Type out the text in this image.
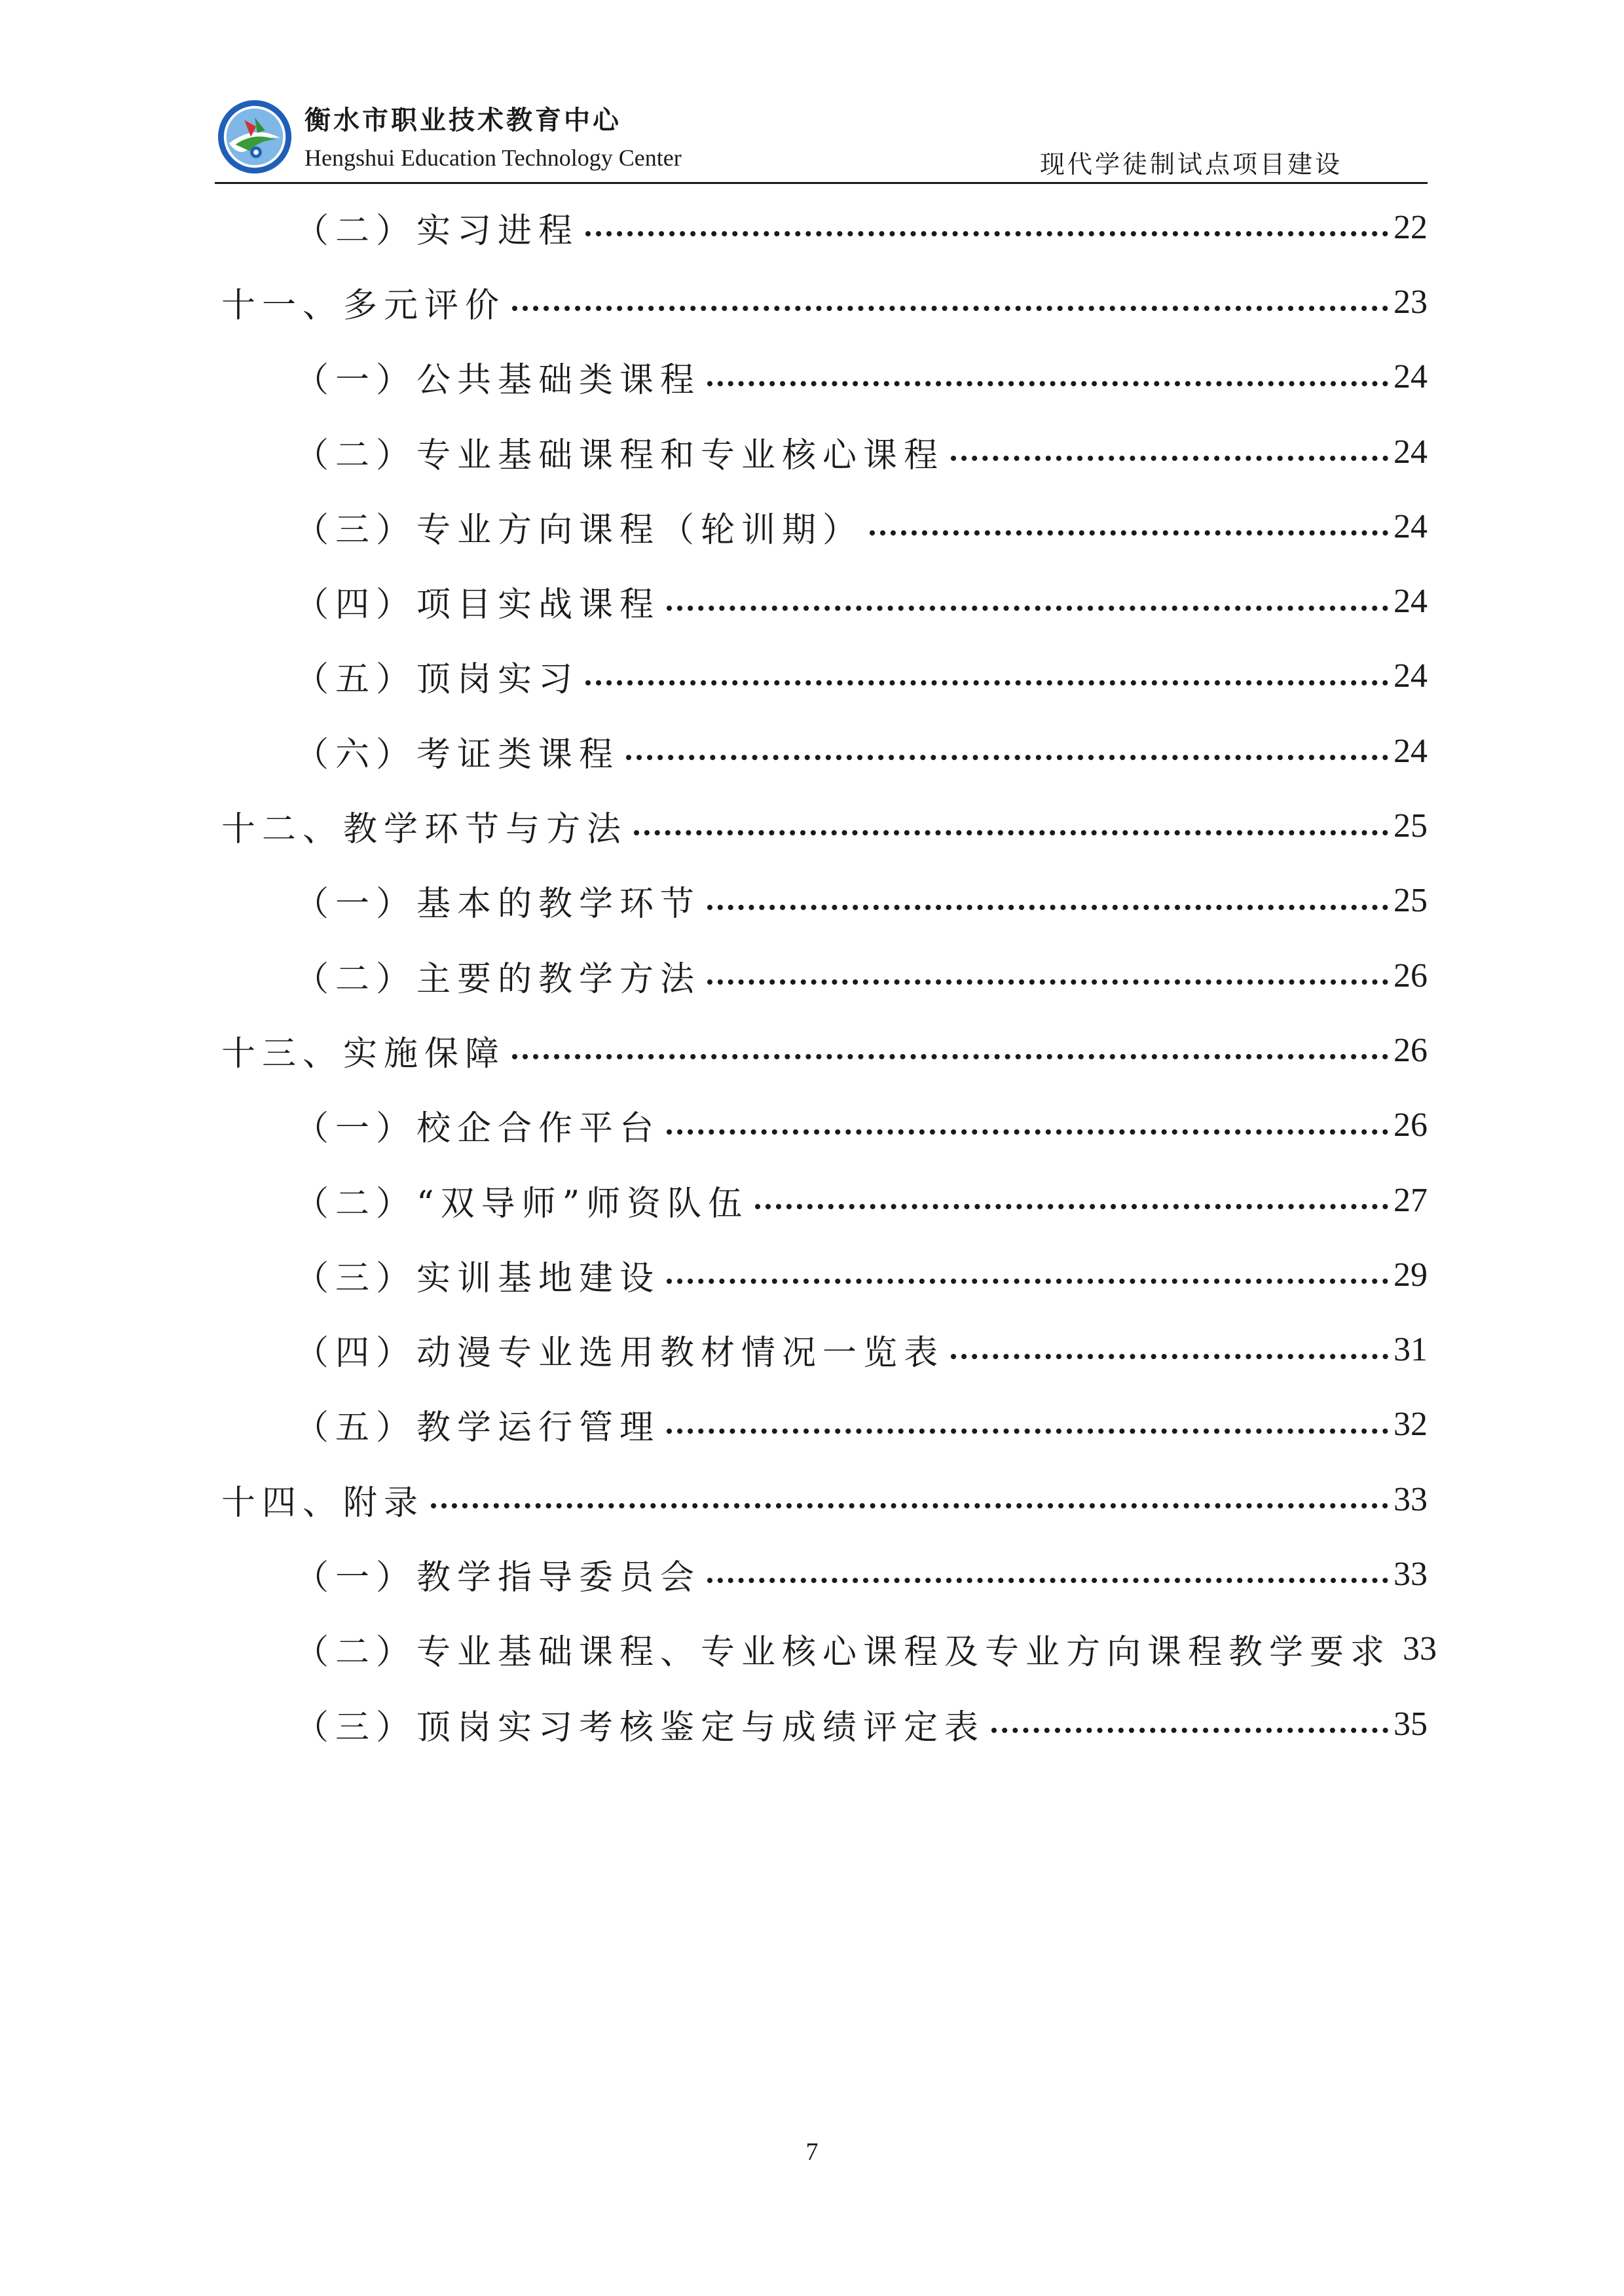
衡水市职业技术教育中心
Hengshui Education Technology Center	现代学徒制试点项目建设
（二）实习进程	22
十一、多元评价	23
（一）公共基础类课程	24
（二）专业基础课程和专业核心课程	24
（三）专业方向课程（轮训期）	24
（四）项目实战课程	24
（五）顶岗实习	24
（六）考证类课程	24
十二、教学环节与方法	25
（一）基本的教学环节	25
（二）主要的教学方法	26
十三、实施保障	26
（一）校企合作平台	26
（二）“双导师”师资队伍	27
（三）实训基地建设	29
（四）动漫专业选用教材情况一览表	31
（五）教学运行管理	32
十四、附录	33
（一）教学指导委员会	33
（二）专业基础课程、专业核心课程及专业方向课程教学要求 33
（三）顶岗实习考核鉴定与成绩评定表	35
7
